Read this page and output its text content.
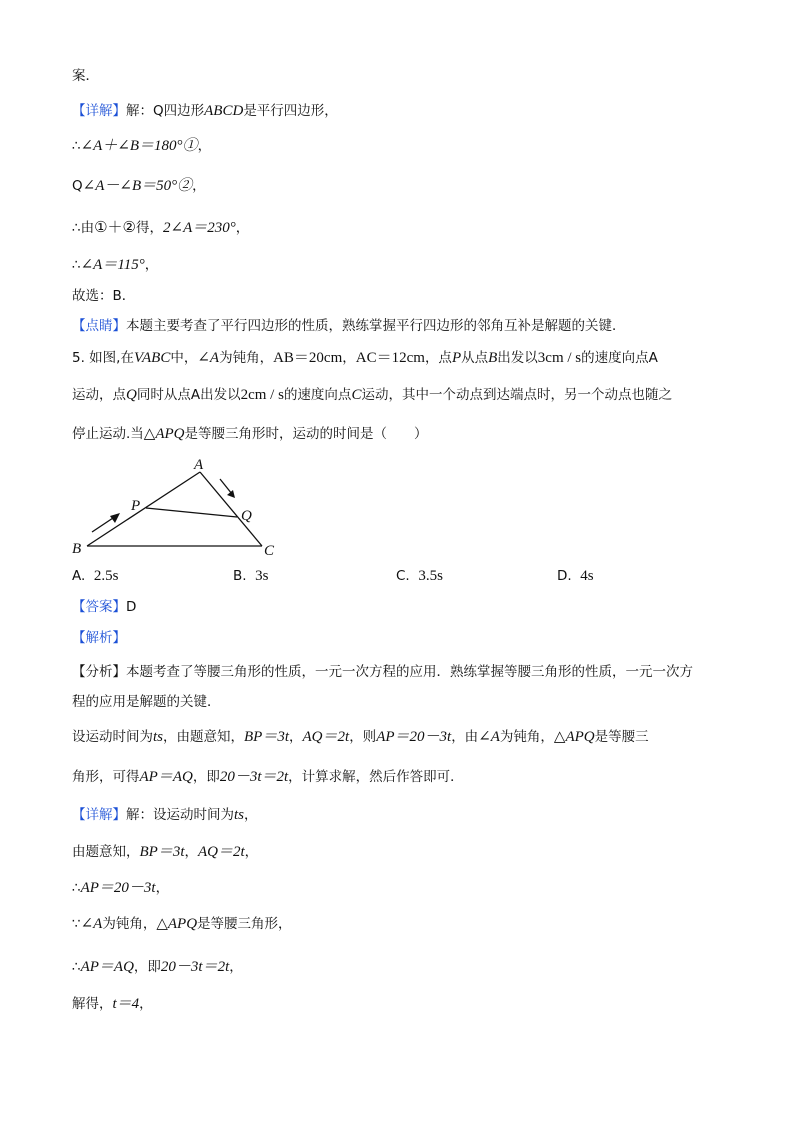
案．
【详解】解：Q四边形ABCD是平行四边形，
∴∠A＋∠B＝180°①，
Q∠A－∠B＝50°②，
∴由①＋②得，2∠A＝230°，
∴∠A＝115°，
故选：B．
【点睛】本题主要考查了平行四边形的性质，熟练掌握平行四边形的邻角互补是解题的关键．
5. 如图,在VABC中，∠A为钝角，AB＝20cm，AC＝12cm，点P从点B出发以3cm / s的速度向点A
运动，点Q同时从点A出发以2cm / s的速度向点C运动，其中一个动点到达端点时，另一个动点也随之
停止运动.当△APQ是等腰三角形时，运动的时间是（　　）
A
B	C
P
Q
A. 2.5s	B. 3s	C. 3.5s	D. 4s
【答案】D
【解析】
【分析】本题考查了等腰三角形的性质，一元一次方程的应用．熟练掌握等腰三角形的性质，一元一次方
程的应用是解题的关键．
设运动时间为ts，由题意知，BP＝3t，AQ＝2t，则AP＝20－3t，由∠A为钝角，△APQ是等腰三
角形，可得AP＝AQ，即20－3t＝2t，计算求解，然后作答即可．
【详解】解：设运动时间为ts，
由题意知，BP＝3t，AQ＝2t，
∴AP＝20－3t，
∵∠A为钝角，△APQ是等腰三角形，
∴AP＝AQ，即20－3t＝2t，
解得，t＝4，
